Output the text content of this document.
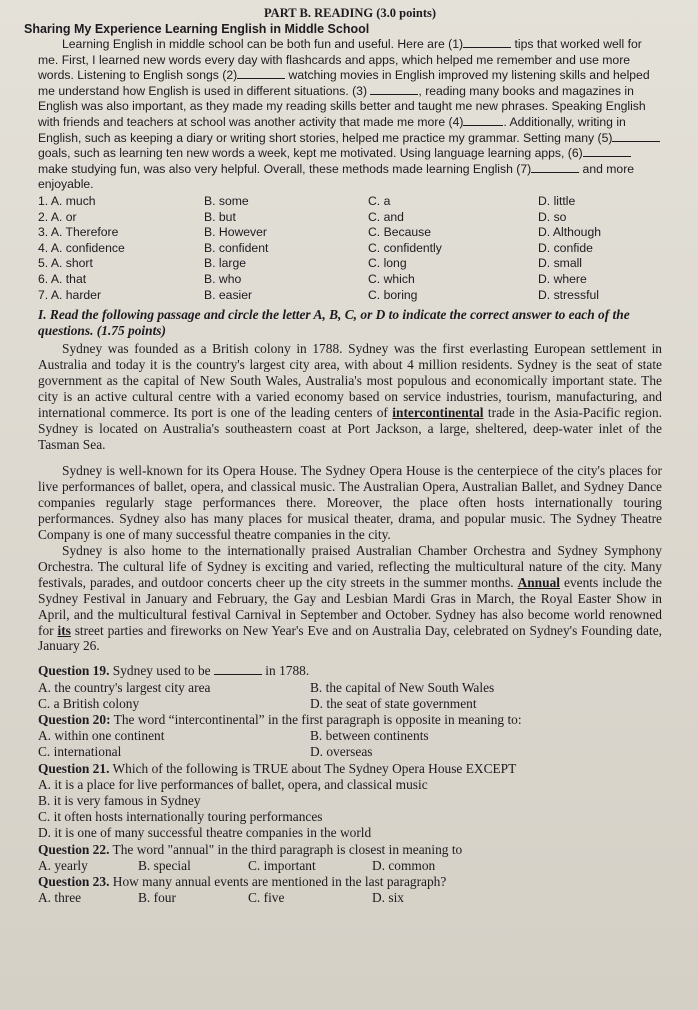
PART B. READING (3.0 points)
Sharing My Experience Learning English in Middle School

Learning English in middle school can be both fun and useful. Here are (1)	tips that worked well for me. First, I learned new words every day with flashcards and apps, which helped me remember and use more words. Listening to English songs (2)	watching movies in English improved my listening skills and helped me understand how English is used in different situations. (3)	, reading many books and magazines in English was also important, as they made my reading skills better and taught me new phrases. Speaking English with friends and teachers at school was another activity that made me more (4)	. Additionally, writing in English, such as keeping a diary or writing short stories, helped me practice my grammar. Setting many (5) goals, such as learning ten new words a week, kept me motivated. Using language learning apps, (6) make studying fun, was also very helpful. Overall, these methods made learning English (7)	and more enjoyable.

1. A. much	B. some	C. a	D. little
2. A. or	B. but	C. and	D. so
3. A. Therefore	B. However	C. Because	D. Although
4. A. confidence	B. confident	C. confidently	D. confide
5. A. short	B. large	C. long	D. small
6. A. that	B. who	C. which	D. where
7. A. harder	B. easier	C. boring	D. stressful
I. Read the following passage and circle the letter A, B, C, or D to indicate the correct answer to each of the questions. (1.75 points)

Sydney was founded as a British colony in 1788. Sydney was the first everlasting European settlement in Australia and today it is the country's largest city area, with about 4 million residents. Sydney is the seat of state government as the capital of New South Wales, Australia's most populous and economically important state. The city is an active cultural centre with a varied economy based on service industries, tourism, manufacturing, and international commerce. Its port is one of the leading centers of intercontinental trade in the Asia-Pacific region. Sydney is located on Australia's southeastern coast at Port Jackson, a large, sheltered, deep-water inlet of the Tasman Sea.

Sydney is well-known for its Opera House. The Sydney Opera House is the centerpiece of the city's places for live performances of ballet, opera, and classical music. The Australian Opera, Australian Ballet, and Sydney Dance companies regularly stage performances there. Moreover, the place often hosts internationally touring performances. Sydney also has many places for musical theater, drama, and popular music. The Sydney Theatre Company is one of many successful theatre companies in the city.

Sydney is also home to the internationally praised Australian Chamber Orchestra and Sydney Symphony Orchestra. The cultural life of Sydney is exciting and varied, reflecting the multicultural nature of the city. Many festivals, parades, and outdoor concerts cheer up the city streets in the summer months. Annual events include the Sydney Festival in January and February, the Gay and Lesbian Mardi Gras in March, the Royal Easter Show in April, and the multicultural festival Carnival in September and October. Sydney has also become world renowned for its street parties and fireworks on New Year's Eve and on Australia Day, celebrated on Sydney's Founding date, January 26.

Question 19. Sydney used to be	in 1788.

A. the country's largest city area	B. the capital of New South Wales
C. a British colony	D. the seat of state government

Question 20: The word “intercontinental” in the first paragraph is opposite in meaning to:

A. within one continent	B. between continents
C. international	D. overseas

Question 21. Which of the following is TRUE about The Sydney Opera House EXCEPT

A. it is a place for live performances of ballet, opera, and classical music

B. it is very famous in Sydney

C. it often hosts internationally touring performances

D. it is one of many successful theatre companies in the world

Question 22. The word "annual" in the third paragraph is closest in meaning to

A. yearly	B. special	C. important	D. common

Question 23. How many annual events are mentioned in the last paragraph?

A. three	B. four	C. five	D. six
